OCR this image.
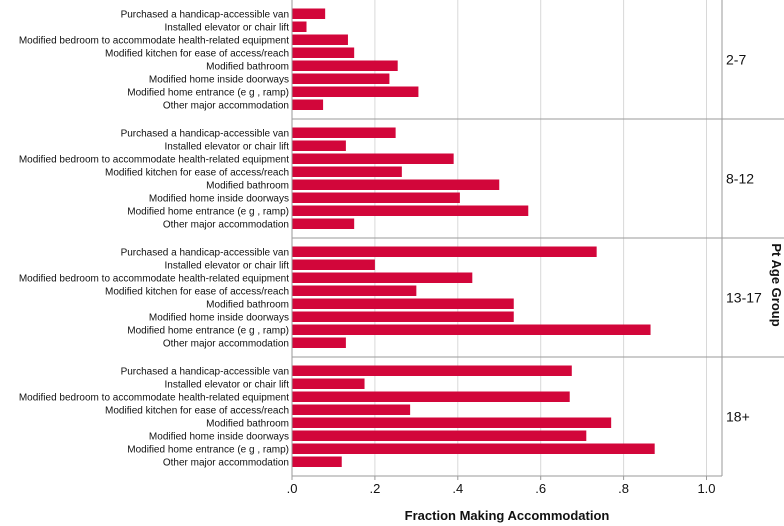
Purchased a handicap-accessible van
Installed elevator or chair lift
Modified bedroom to accommodate health-related equipment
Modified kitchen for ease of access/reach
Modified bathroom
Modified home inside doorways
Modified home entrance (e g , ramp)
Other major accommodation
Purchased a handicap-accessible van
Installed elevator or chair lift
Modified bedroom to accommodate health-related equipment
Modified kitchen for ease of access/reach
Modified bathroom
Modified home inside doorways
Modified home entrance (e g , ramp)
Other major accommodation
Purchased a handicap-accessible van
Installed elevator or chair lift
Modified bedroom to accommodate health-related equipment
Modified kitchen for ease of access/reach
Modified bathroom
Modified home inside doorways
Modified home entrance (e g , ramp)
Other major accommodation
Purchased a handicap-accessible van
Installed elevator or chair lift
Modified bedroom to accommodate health-related equipment
Modified kitchen for ease of access/reach
Modified bathroom
Modified home inside doorways
Modified home entrance (e g , ramp)
Other major accommodation
2-7
8-12
13-17
18+
.0	.2	.4	.6	.8	1.0
Fraction Making Accommodation
Pt Age Group
